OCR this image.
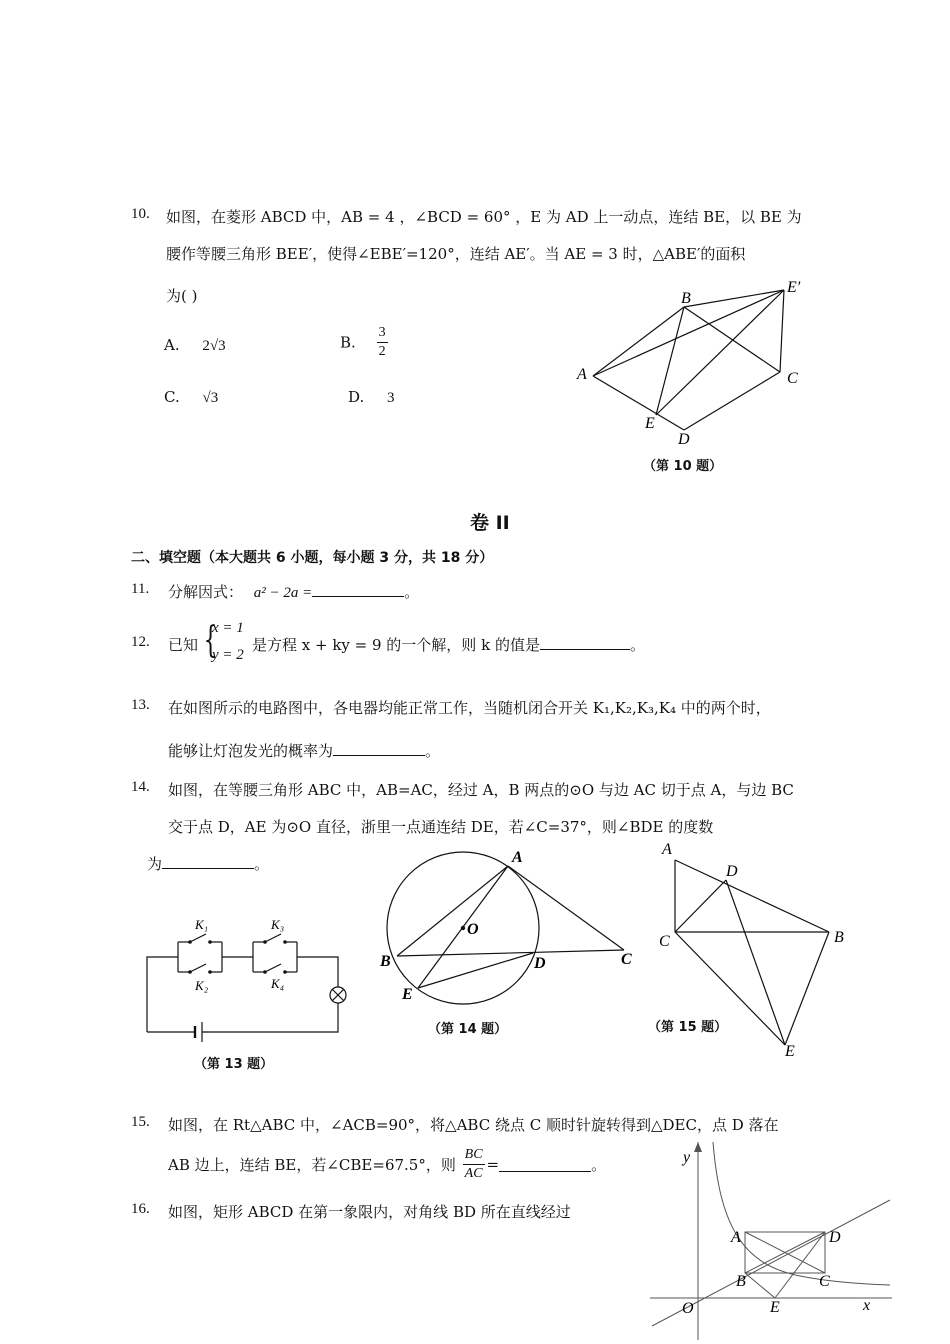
10. 如图，在菱形 ABCD 中，AB = 4 ，∠BCD = 60° ，E 为 AD 上一动点，连结 BE，以 BE 为
腰作等腰三角形 BEE′，使得∠EBE′=120°，连结 AE′。当 AE = 3 时，△ABE′的面积
为( )
A. 2√3	B. $\frac{3}{2}$
C. √3	D. 3
B
E′
A	C
E
D
（第 10 题）
卷 II
二、填空题（本大题共 6 小题，每小题 3 分，共 18 分）
11. 分解因式： a² − 2a =	。
12. 已知 {
x = 1
y = 2
是方程 x + ky = 9 的一个解，则 k 的值是	。
13. 在如图所示的电路图中，各电器均能正常工作，当随机闭合开关 K₁,K₂,K₃,K₄ 中的两个时，
能够让灯泡发光的概率为	。
14. 如图，在等腰三角形 ABC 中，AB=AC，经过 A，B 两点的⊙O 与边 AC 切于点 A，与边 BC
交于点 D，AE 为⊙O 直径，浙里一点通连结 DE，若∠C=37°，则∠BDE 的度数
为	。
K₁	K₃
K₂	K₄
（第 13 题）
A
O
B	D	C
E
（第 14 题）
A
D
C	B
E
（第 15 题）
15. 如图，在 Rt△ABC 中，∠ACB=90°，将△ABC 绕点 C 顺时针旋转得到△DEC，点 D 落在
AB 边上，连结 BE，若∠CBE=67.5°，则 $\frac{BC}{AC}$ =	。
16. 如图，矩形 ABCD 在第一象限内，对角线 BD 所在直线经过
y
A	D
B	C
O	E	x
